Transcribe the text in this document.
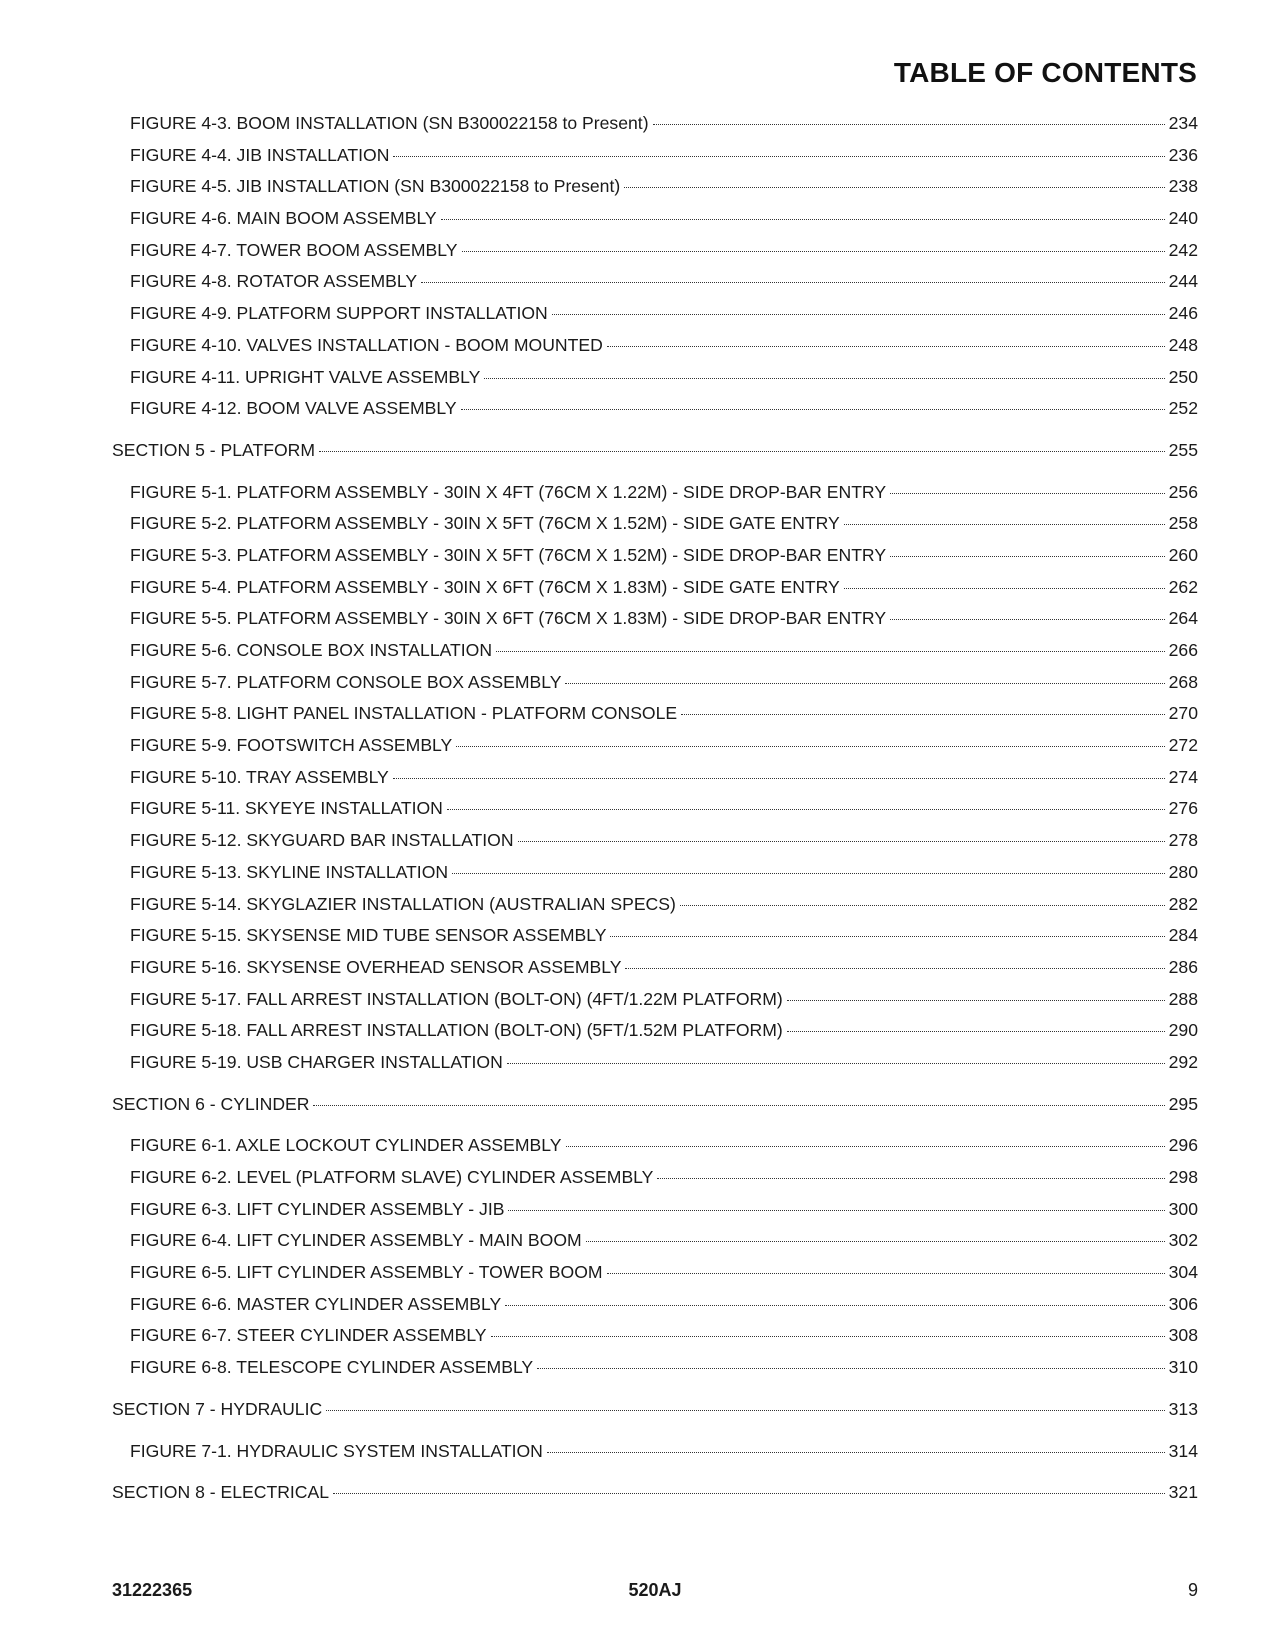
TABLE OF CONTENTS
FIGURE 4-3. BOOM INSTALLATION (SN B300022158 to Present)	234
FIGURE 4-4. JIB INSTALLATION	236
FIGURE 4-5. JIB INSTALLATION (SN B300022158 to Present)	238
FIGURE 4-6. MAIN BOOM ASSEMBLY	240
FIGURE 4-7. TOWER BOOM ASSEMBLY	242
FIGURE 4-8. ROTATOR ASSEMBLY	244
FIGURE 4-9. PLATFORM SUPPORT INSTALLATION	246
FIGURE 4-10. VALVES INSTALLATION - BOOM MOUNTED	248
FIGURE 4-11. UPRIGHT VALVE ASSEMBLY	250
FIGURE 4-12. BOOM VALVE ASSEMBLY	252
SECTION 5 - PLATFORM	255
FIGURE 5-1. PLATFORM ASSEMBLY - 30IN X 4FT (76CM X 1.22M) - SIDE DROP-BAR ENTRY	256
FIGURE 5-2. PLATFORM ASSEMBLY - 30IN X 5FT (76CM X 1.52M) - SIDE GATE ENTRY	258
FIGURE 5-3. PLATFORM ASSEMBLY - 30IN X 5FT (76CM X 1.52M) - SIDE DROP-BAR ENTRY	260
FIGURE 5-4. PLATFORM ASSEMBLY - 30IN X 6FT (76CM X 1.83M) - SIDE GATE ENTRY	262
FIGURE 5-5. PLATFORM ASSEMBLY - 30IN X 6FT (76CM X 1.83M) - SIDE DROP-BAR ENTRY	264
FIGURE 5-6. CONSOLE BOX INSTALLATION	266
FIGURE 5-7. PLATFORM CONSOLE BOX ASSEMBLY	268
FIGURE 5-8. LIGHT PANEL INSTALLATION - PLATFORM CONSOLE	270
FIGURE 5-9. FOOTSWITCH ASSEMBLY	272
FIGURE 5-10. TRAY ASSEMBLY	274
FIGURE 5-11. SKYEYE INSTALLATION	276
FIGURE 5-12. SKYGUARD BAR INSTALLATION	278
FIGURE 5-13. SKYLINE INSTALLATION	280
FIGURE 5-14. SKYGLAZIER INSTALLATION (AUSTRALIAN SPECS)	282
FIGURE 5-15. SKYSENSE MID TUBE SENSOR ASSEMBLY	284
FIGURE 5-16. SKYSENSE OVERHEAD SENSOR ASSEMBLY	286
FIGURE 5-17. FALL ARREST INSTALLATION (BOLT-ON) (4FT/1.22M PLATFORM)	288
FIGURE 5-18. FALL ARREST INSTALLATION (BOLT-ON) (5FT/1.52M PLATFORM)	290
FIGURE 5-19. USB CHARGER INSTALLATION	292
SECTION 6 - CYLINDER	295
FIGURE 6-1. AXLE LOCKOUT CYLINDER ASSEMBLY	296
FIGURE 6-2. LEVEL (PLATFORM SLAVE) CYLINDER ASSEMBLY	298
FIGURE 6-3. LIFT CYLINDER ASSEMBLY - JIB	300
FIGURE 6-4. LIFT CYLINDER ASSEMBLY - MAIN BOOM	302
FIGURE 6-5. LIFT CYLINDER ASSEMBLY - TOWER BOOM	304
FIGURE 6-6. MASTER CYLINDER ASSEMBLY	306
FIGURE 6-7. STEER CYLINDER ASSEMBLY	308
FIGURE 6-8. TELESCOPE CYLINDER ASSEMBLY	310
SECTION 7 - HYDRAULIC	313
FIGURE 7-1. HYDRAULIC SYSTEM INSTALLATION	314
SECTION 8 - ELECTRICAL	321
31222365	520AJ	9
